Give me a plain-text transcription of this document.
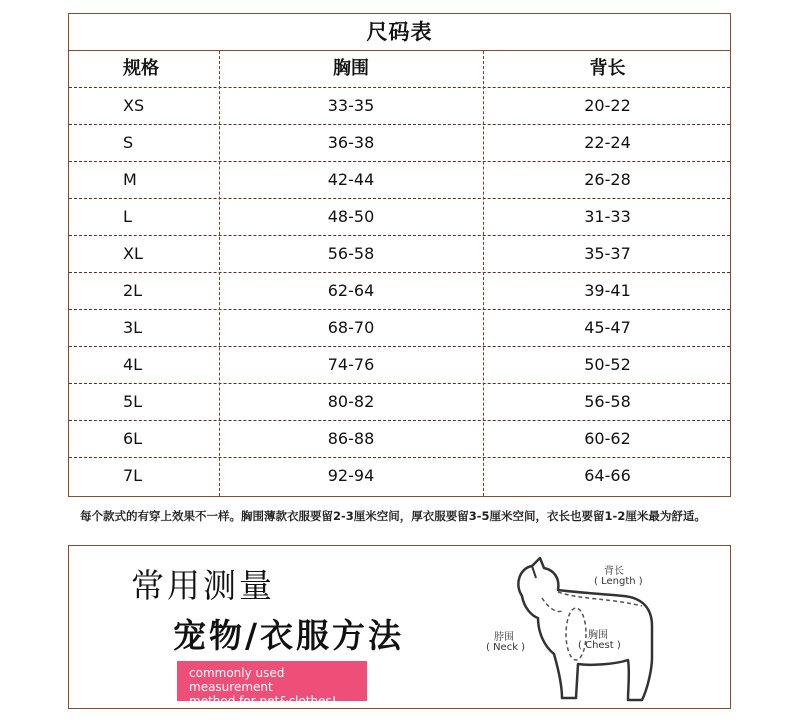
尺码表
规格	胸围	背长
XS	33-35	20-22
S	36-38	22-24
M	42-44	26-28
L	48-50	31-33
XL	56-58	35-37
2L	62-64	39-41
3L	68-70	45-47
4L	74-76	50-52
5L	80-82	56-58
6L	86-88	60-62
7L	92-94	64-66
每个款式的有穿上效果不一样。胸围薄款衣服要留2-3厘米空间，厚衣服要留3-5厘米空间，衣长也要留1-2厘米最为舒适。
常用测量
宠物/衣服方法
commonly used measurement
method for pet&clothes!
背长
( Length )
脖围
( Neck )
胸围
( Chest )
